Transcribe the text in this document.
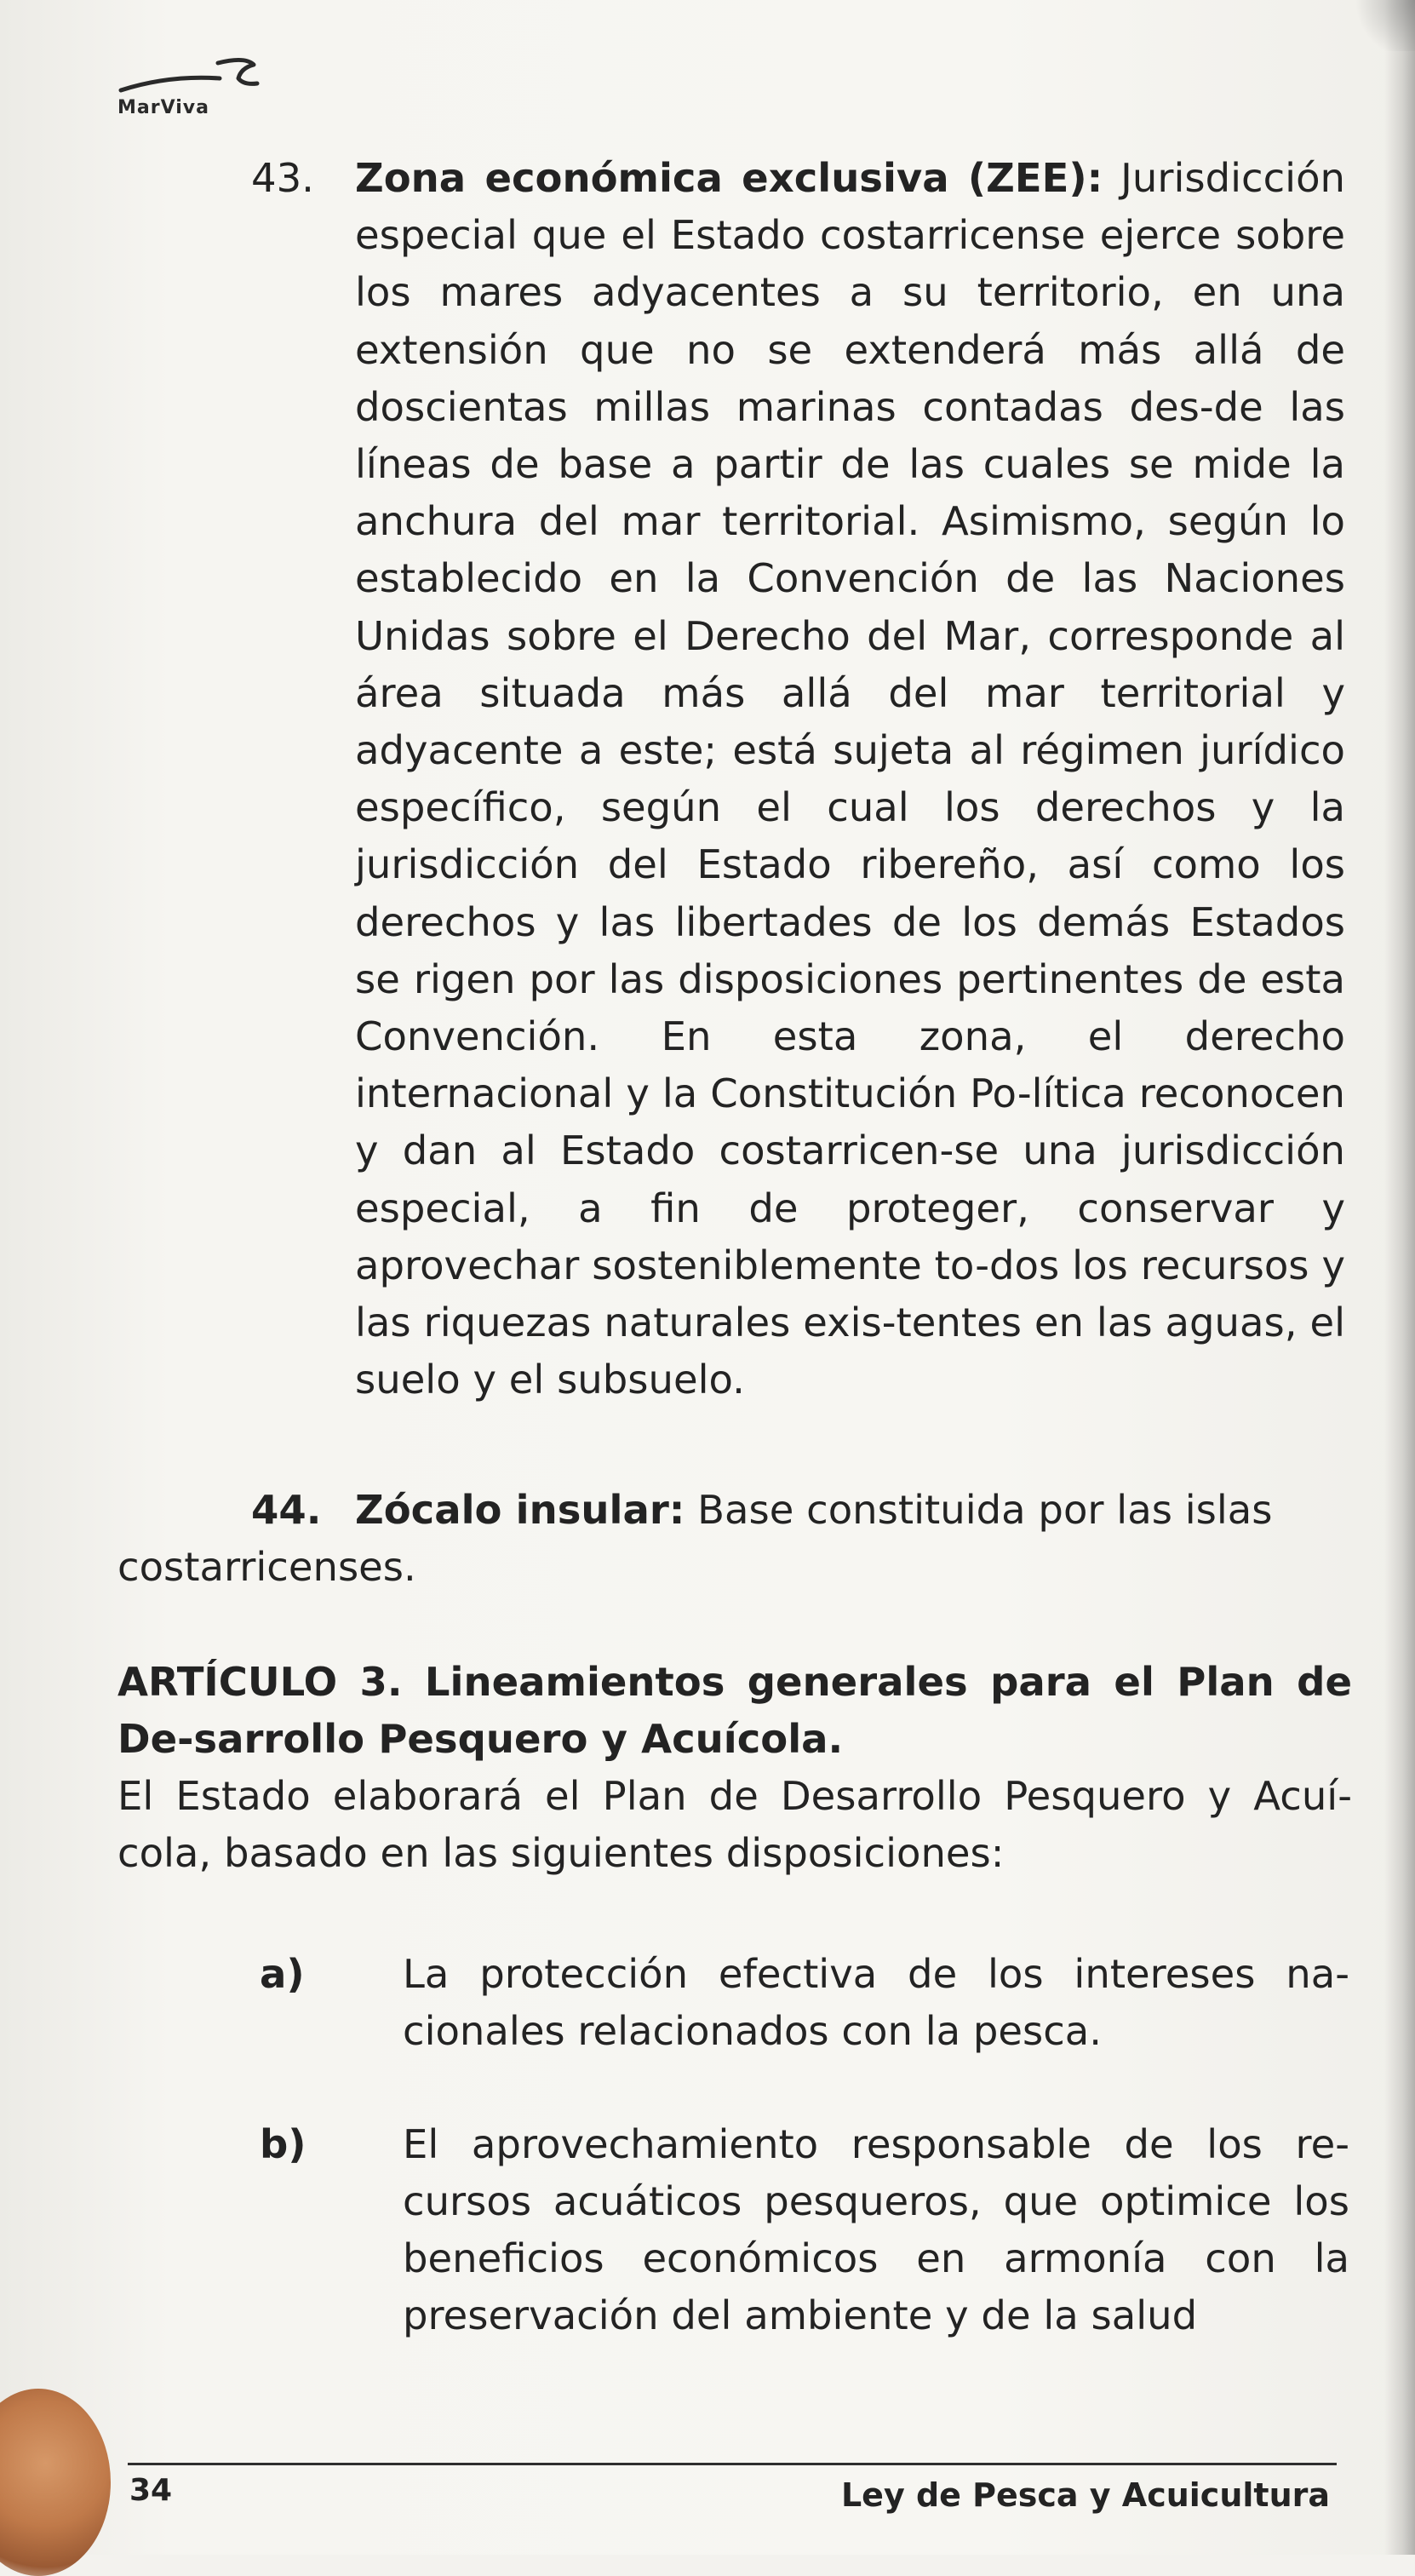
MarViva
43. Zona económica exclusiva (ZEE): Jurisdicción especial que el Estado costarricense ejerce sobre los mares adyacentes a su territorio, en una extensión que no se extenderá más allá de doscientas millas marinas contadas des-de las líneas de base a partir de las cuales se mide la anchura del mar territorial. Asimismo, según lo establecido en la Convención de las Naciones Unidas sobre el Derecho del Mar, corresponde al área situada más allá del mar territorial y adyacente a este; está sujeta al régimen jurídico específico, según el cual los derechos y la jurisdicción del Estado ribereño, así como los derechos y las libertades de los demás Estados se rigen por las disposiciones pertinentes de esta Convención. En esta zona, el derecho internacional y la Constitución Po-lítica reconocen y dan al Estado costarricen-se una jurisdicción especial, a fin de proteger, conservar y aprovechar sosteniblemente to-dos los recursos y las riquezas naturales exis-tentes en las aguas, el suelo y el subsuelo.
44. Zócalo insular: Base constituida por las islas costarricenses.
ARTÍCULO 3. Lineamientos generales para el Plan de De-sarrollo Pesquero y Acuícola.
El Estado elaborará el Plan de Desarrollo Pesquero y Acuí-cola, basado en las siguientes disposiciones:
a)	La protección efectiva de los intereses na-cionales relacionados con la pesca.
b)	El aprovechamiento responsable de los re-cursos acuáticos pesqueros, que optimice los beneficios económicos en armonía con la preservación del ambiente y de la salud
34	Ley de Pesca y Acuicultura
